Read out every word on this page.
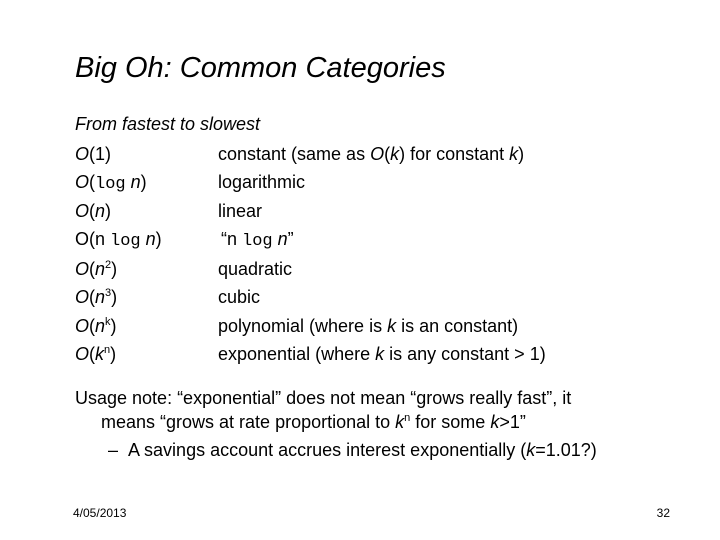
Big Oh: Common Categories
From fastest to slowest
O(1)	constant (same as O(k) for constant k)
O(log n)	logarithmic
O(n)	linear
O(n log n)	“n log n”
$O(n^2)$	quadratic
$O(n^3)$	cubic
$O(n^k)$	polynomial (where is k is an constant)
$O(k^n)$	exponential (where k is any constant > 1)
Usage note: “exponential” does not mean “grows really fast”, it
means “grows at rate proportional to $k^n$ for some k>1”
– A savings account accrues interest exponentially (k=1.01?)
4/05/2013	32
